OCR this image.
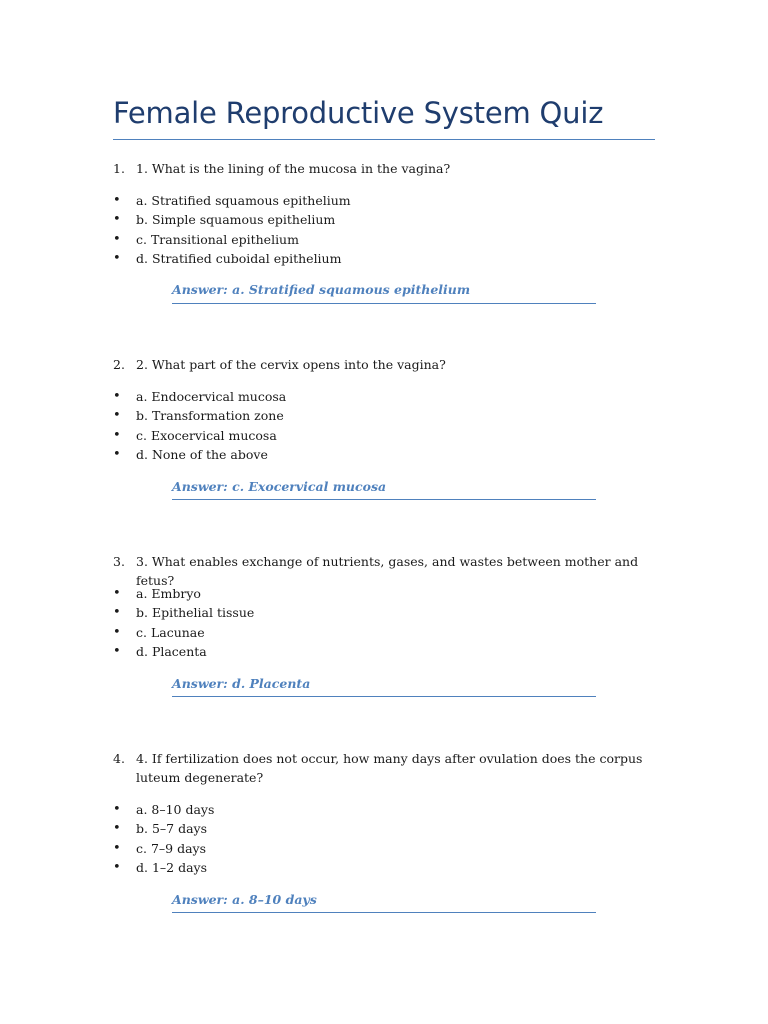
Female Reproductive System Quiz
1. 1. What is the lining of the mucosa in the vagina?
• a. Stratified squamous epithelium
• b. Simple squamous epithelium
• c. Transitional epithelium
• d. Stratified cuboidal epithelium
Answer: a. Stratified squamous epithelium
2. 2. What part of the cervix opens into the vagina?
• a. Endocervical mucosa
• b. Transformation zone
• c. Exocervical mucosa
• d. None of the above
Answer: c. Exocervical mucosa
3. 3. What enables exchange of nutrients, gases, and wastes between mother and fetus?
• a. Embryo
• b. Epithelial tissue
• c. Lacunae
• d. Placenta
Answer: d. Placenta
4. 4. If fertilization does not occur, how many days after ovulation does the corpus luteum degenerate?
• a. 8–10 days
• b. 5–7 days
• c. 7–9 days
• d. 1–2 days
Answer: a. 8–10 days
